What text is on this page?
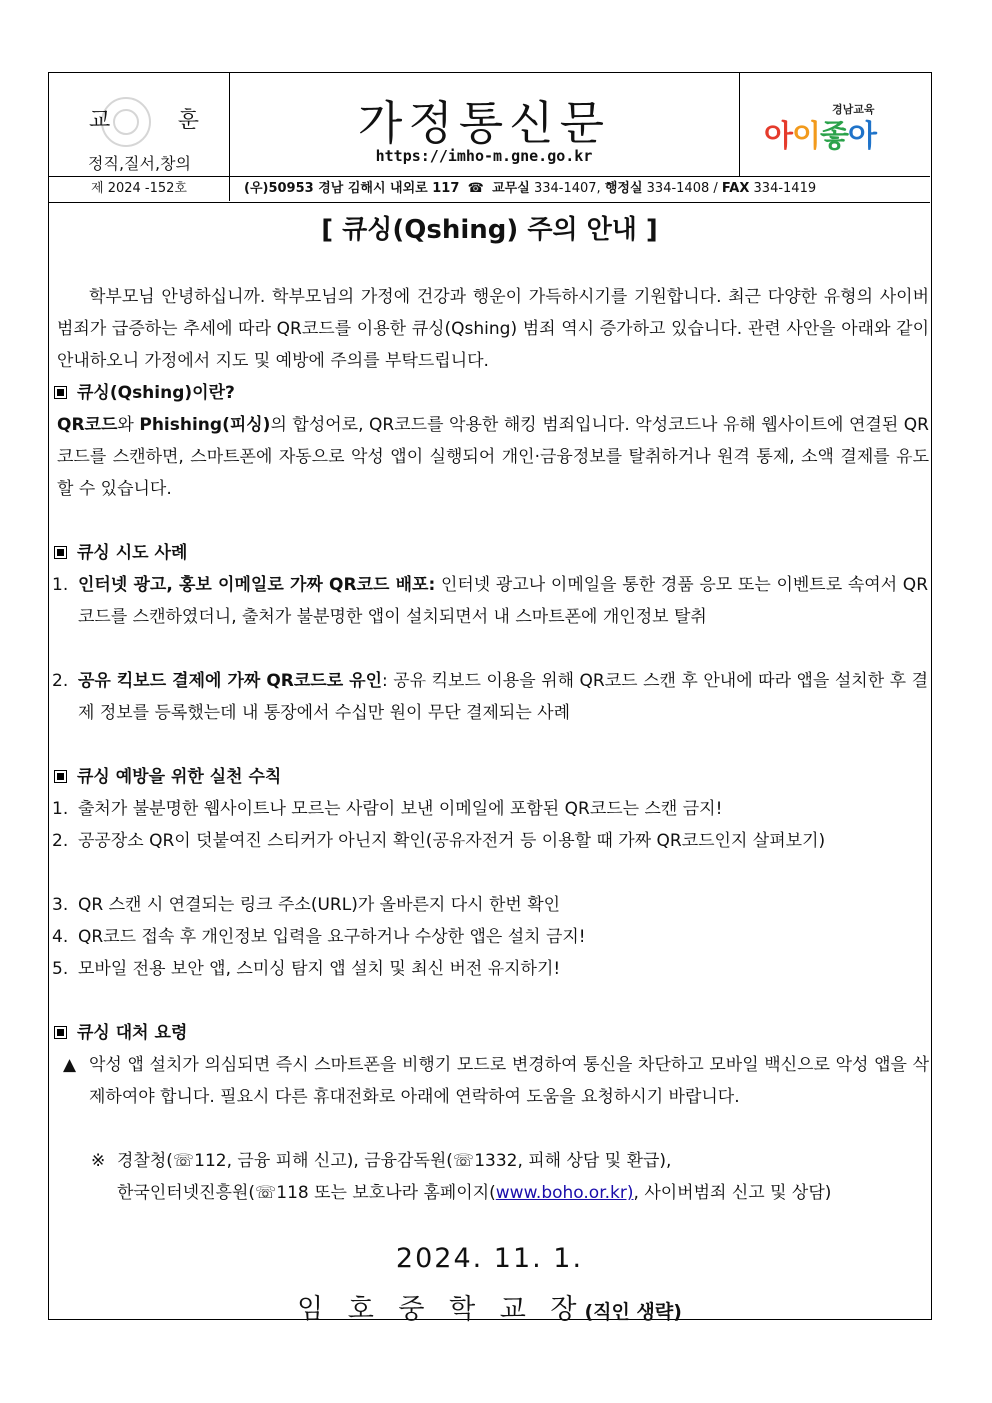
교	훈
정직,질서,창의
가정통신문
https://imho-m.gne.go.kr
경남교육
아이좋아
제 2024 -152호	(우)50953 경남 김해시 내외로 117  ☎  교무실 334-1407, 행정실 334-1408 / FAX 334-1419
[ 큐싱(Qshing) 주의 안내 ]
학부모님 안녕하십니까. 학부모님의 가정에 건강과 행운이 가득하시기를 기원합니다. 최근 다양한 유형의 사이버범죄가 급증하는 추세에 따라 QR코드를 이용한 큐싱(Qshing) 범죄 역시 증가하고 있습니다. 관련 사안을 아래와 같이 안내하오니 가정에서 지도 및 예방에 주의를 부탁드립니다.
큐싱(Qshing)이란?
QR코드와 Phishing(피싱)의 합성어로, QR코드를 악용한 해킹 범죄입니다. 악성코드나 유해 웹사이트에 연결된 QR코드를 스캔하면, 스마트폰에 자동으로 악성 앱이 실행되어 개인·금융정보를 탈취하거나 원격 통제, 소액 결제를 유도할 수 있습니다.
큐싱 시도 사례
1. 인터넷 광고, 홍보 이메일로 가짜 QR코드 배포: 인터넷 광고나 이메일을 통한 경품 응모 또는 이벤트로 속여서 QR코드를 스캔하였더니, 출처가 불분명한 앱이 설치되면서 내 스마트폰에 개인정보 탈취
2. 공유 킥보드 결제에 가짜 QR코드로 유인: 공유 킥보드 이용을 위해 QR코드 스캔 후 안내에 따라 앱을 설치한 후 결제 정보를 등록했는데 내 통장에서 수십만 원이 무단 결제되는 사례
큐싱 예방을 위한 실천 수칙
1. 출처가 불분명한 웹사이트나 모르는 사람이 보낸 이메일에 포함된 QR코드는 스캔 금지!
2. 공공장소 QR이 덧붙여진 스티커가 아닌지 확인(공유자전거 등 이용할 때 가짜 QR코드인지 살펴보기)
3. QR 스캔 시 연결되는 링크 주소(URL)가 올바른지 다시 한번 확인
4. QR코드 접속 후 개인정보 입력을 요구하거나 수상한 앱은 설치 금지!
5. 모바일 전용 보안 앱, 스미싱 탐지 앱 설치 및 최신 버전 유지하기!
큐싱 대처 요령
▲ 악성 앱 설치가 의심되면 즉시 스마트폰을 비행기 모드로 변경하여 통신을 차단하고 모바일 백신으로 악성 앱을 삭제하여야 합니다. 필요시 다른 휴대전화로 아래에 연락하여 도움을 요청하시기 바랍니다.
※ 경찰청(☏112, 금융 피해 신고), 금융감독원(☏1332, 피해 상담 및 환급),
한국인터넷진흥원(☏118 또는 보호나라 홈페이지(www.boho.or.kr), 사이버범죄 신고 및 상담)
2024. 11. 1.
임 호 중 학 교 장(직인 생략)
